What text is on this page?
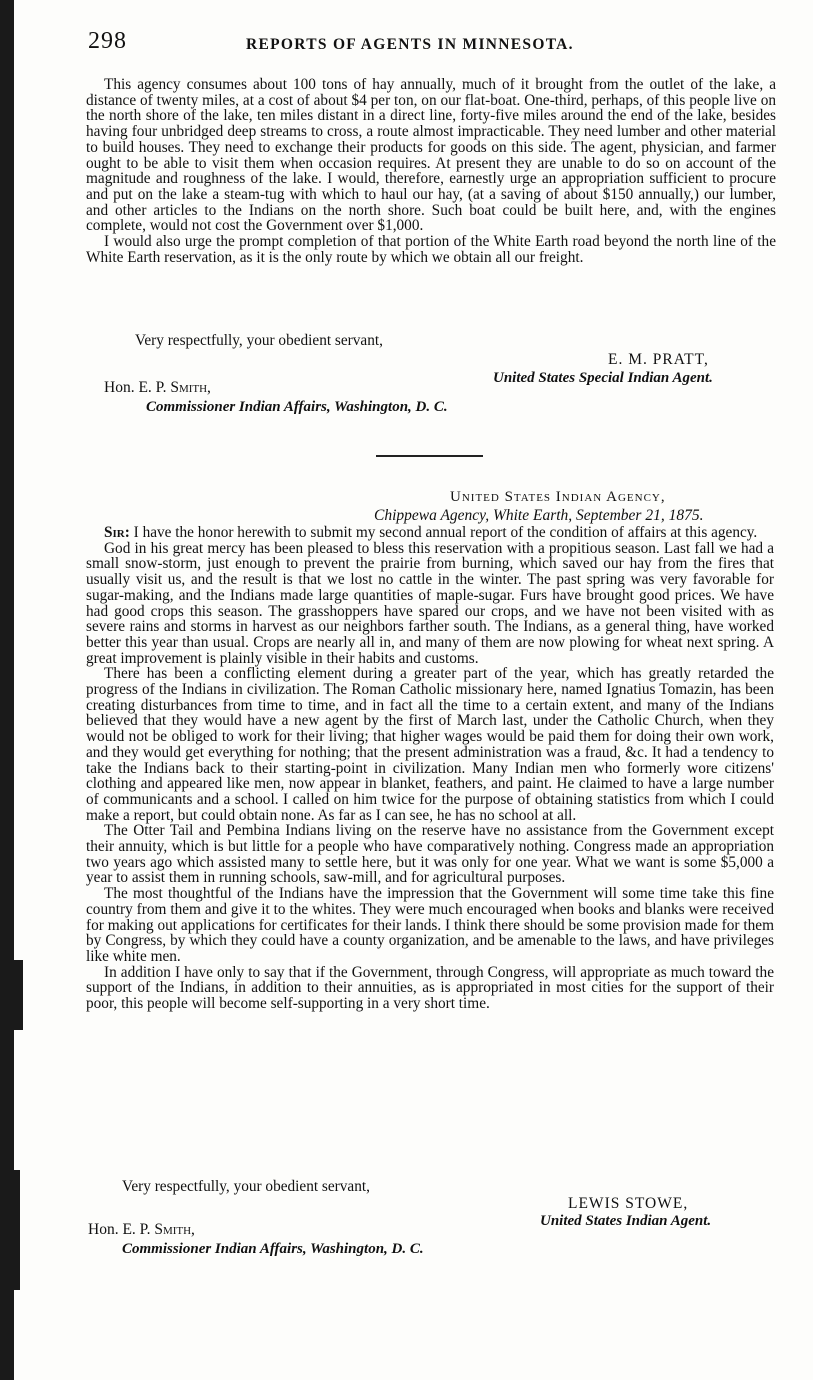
298	REPORTS OF AGENTS IN MINNESOTA.

This agency consumes about 100 tons of hay annually, much of it brought from the outlet of the lake, a distance of twenty miles, at a cost of about $4 per ton, on our flat-boat. One-third, perhaps, of this people live on the north shore of the lake, ten miles distant in a direct line, forty-five miles around the end of the lake, besides having four unbridged deep streams to cross, a route almost impracticable. They need lumber and other material to build houses. They need to exchange their products for goods on this side. The agent, physician, and farmer ought to be able to visit them when occasion requires. At present they are unable to do so on account of the magnitude and roughness of the lake. I would, therefore, earnestly urge an appropriation sufficient to procure and put on the lake a steam-tug with which to haul our hay, (at a saving of about $150 annually,) our lumber, and other articles to the Indians on the north shore. Such boat could be built here, and, with the engines complete, would not cost the Government over $1,000.

I would also urge the prompt completion of that portion of the White Earth road beyond the north line of the White Earth reservation, as it is the only route by which we obtain all our freight.

Very respectfully, your obedient servant,
E. M. PRATT,
United States Special Indian Agent.
Hon. E. P. Smith,
Commissioner Indian Affairs, Washington, D. C.
United States Indian Agency,
Chippewa Agency, White Earth, September 21, 1875.

Sir: I have the honor herewith to submit my second annual report of the condition of affairs at this agency.

God in his great mercy has been pleased to bless this reservation with a propitious season. Last fall we had a small snow-storm, just enough to prevent the prairie from burning, which saved our hay from the fires that usually visit us, and the result is that we lost no cattle in the winter. The past spring was very favorable for sugar-making, and the Indians made large quantities of maple-sugar. Furs have brought good prices. We have had good crops this season. The grasshoppers have spared our crops, and we have not been visited with as severe rains and storms in harvest as our neighbors farther south. The Indians, as a general thing, have worked better this year than usual. Crops are nearly all in, and many of them are now plowing for wheat next spring. A great improvement is plainly visible in their habits and customs.

There has been a conflicting element during a greater part of the year, which has greatly retarded the progress of the Indians in civilization. The Roman Catholic missionary here, named Ignatius Tomazin, has been creating disturbances from time to time, and in fact all the time to a certain extent, and many of the Indians believed that they would have a new agent by the first of March last, under the Catholic Church, when they would not be obliged to work for their living; that higher wages would be paid them for doing their own work, and they would get everything for nothing; that the present administration was a fraud, &c. It had a tendency to take the Indians back to their starting-point in civilization. Many Indian men who formerly wore citizens' clothing and appeared like men, now appear in blanket, feathers, and paint. He claimed to have a large number of communicants and a school. I called on him twice for the purpose of obtaining statistics from which I could make a report, but could obtain none. As far as I can see, he has no school at all.

The Otter Tail and Pembina Indians living on the reserve have no assistance from the Government except their annuity, which is but little for a people who have comparatively nothing. Congress made an appropriation two years ago which assisted many to settle here, but it was only for one year. What we want is some $5,000 a year to assist them in running schools, saw-mill, and for agricultural purposes.

The most thoughtful of the Indians have the impression that the Government will some time take this fine country from them and give it to the whites. They were much encouraged when books and blanks were received for making out applications for certificates for their lands. I think there should be some provision made for them by Congress, by which they could have a county organization, and be amenable to the laws, and have privileges like white men.

In addition I have only to say that if the Government, through Congress, will appropriate as much toward the support of the Indians, in addition to their annuities, as is appropriated in most cities for the support of their poor, this people will become self-supporting in a very short time.

Very respectfully, your obedient servant,
LEWIS STOWE,
United States Indian Agent.
Hon. E. P. Smith,
Commissioner Indian Affairs, Washington, D. C.
